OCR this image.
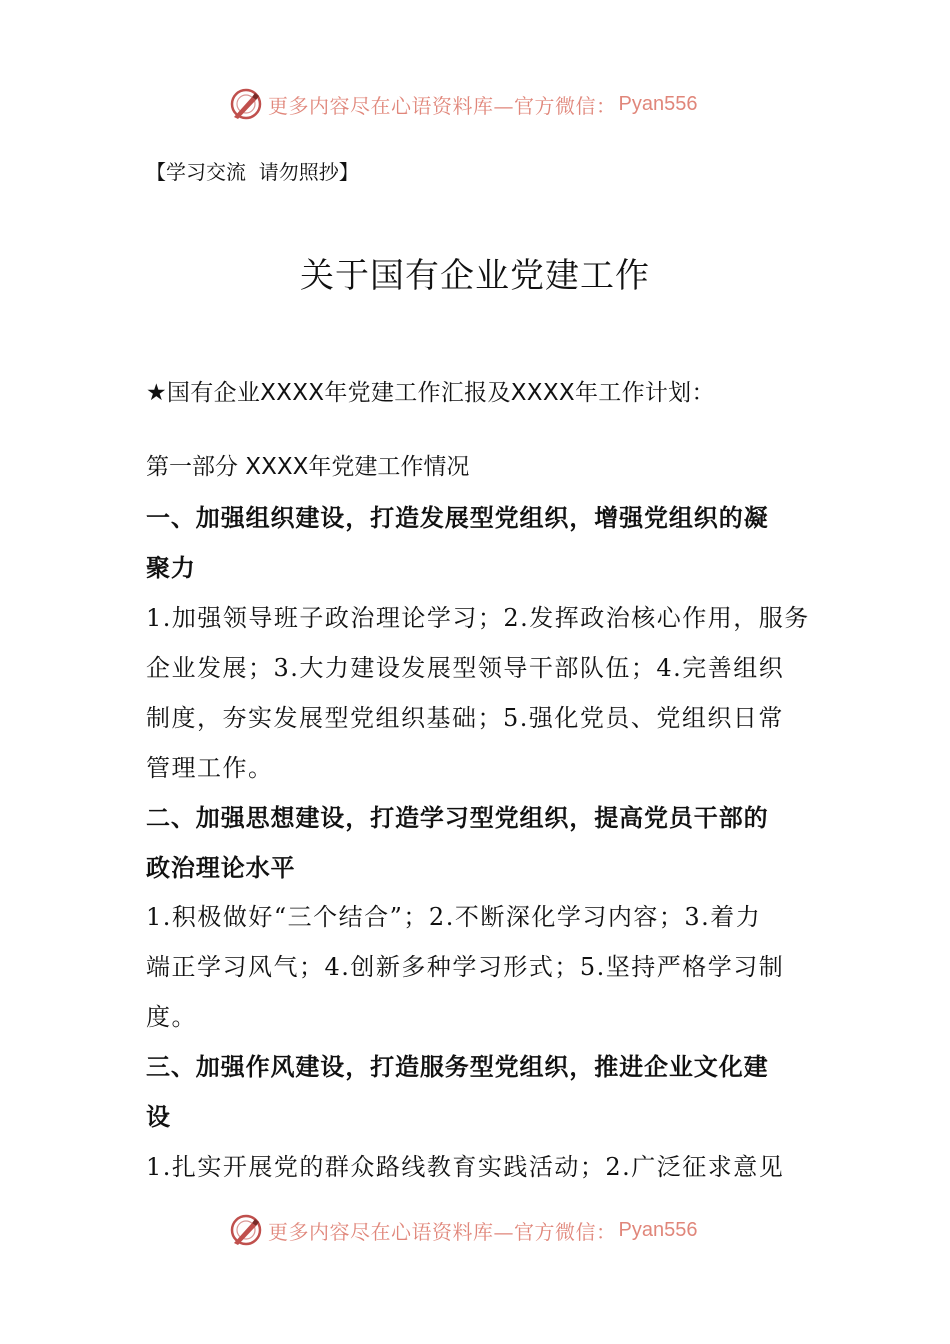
更多内容尽在心语资料库—官方微信： Pyan556
【学习交流  请勿照抄】
关于国有企业党建工作
★国有企业XXXX年党建工作汇报及XXXX年工作计划：
第一部分 XXXX年党建工作情况
一、加强组织建设，打造发展型党组织，增强党组织的凝
聚力
1.加强领导班子政治理论学习；2.发挥政治核心作用，服务
企业发展；3.大力建设发展型领导干部队伍；4.完善组织
制度，夯实发展型党组织基础；5.强化党员、党组织日常
管理工作。
二、加强思想建设，打造学习型党组织，提高党员干部的
政治理论水平
1.积极做好“三个结合”；2.不断深化学习内容；3.着力
端正学习风气；4.创新多种学习形式；5.坚持严格学习制
度。
三、加强作风建设，打造服务型党组织，推进企业文化建
设
1.扎实开展党的群众路线教育实践活动；2.广泛征求意见
更多内容尽在心语资料库—官方微信： Pyan556
